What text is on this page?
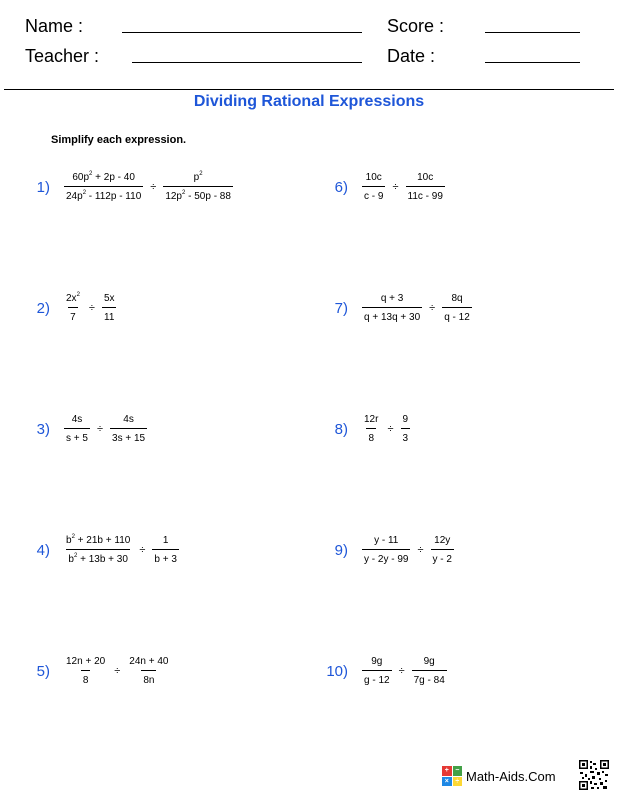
Name :	Score :
Teacher :	Date :
Dividing Rational Expressions
Simplify each expression.
$1) \frac{60p^2 + 2p - 40}{24p^2 - 112p - 110} \div \frac{p^2}{12p^2 - 50p - 88}$
$2) \frac{2x^2}{7} \div \frac{5x}{11}$
$3) \frac{4s}{s + 5} \div \frac{4s}{3s + 15}$
$4) \frac{b^2 + 21b + 110}{b^2 + 13b + 30} \div \frac{1}{b + 3}$
$5) \frac{12n + 20}{8} \div \frac{24n + 40}{8n}$
$6) \frac{10c}{c - 9} \div \frac{10c}{11c - 99}$
$7) \frac{q + 3}{q + 13q + 30} \div \frac{8q}{q - 12}$
$8) \frac{12r}{8} \div \frac{9}{3}$
$9) \frac{y - 11}{y - 2y - 99} \div \frac{12y}{y - 2}$
$10) \frac{9g}{g - 12} \div \frac{9g}{7g - 84}$
+ −
× ÷ Math-Aids.Com
